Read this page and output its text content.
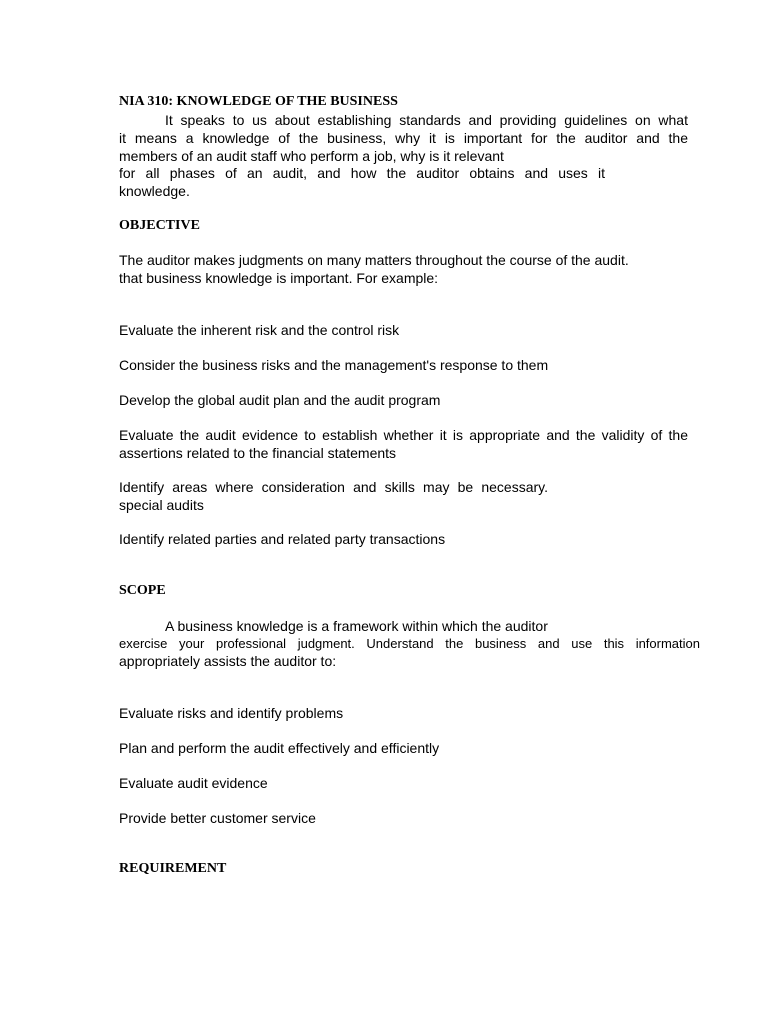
NIA 310: KNOWLEDGE OF THE BUSINESS
It speaks to us about establishing standards and providing guidelines on what
it means a knowledge of the business, why it is important for the auditor and the
members of an audit staff who perform a job, why is it relevant
for all phases of an audit, and how the auditor obtains and uses it
knowledge.
OBJECTIVE
The auditor makes judgments on many matters throughout the course of the audit.
that business knowledge is important. For example:
Evaluate the inherent risk and the control risk
Consider the business risks and the management's response to them
Develop the global audit plan and the audit program
Evaluate the audit evidence to establish whether it is appropriate and the validity of the
assertions related to the financial statements
Identify areas where consideration and skills may be necessary.
special audits
Identify related parties and related party transactions
SCOPE
A business knowledge is a framework within which the auditor
exercise your professional judgment. Understand the business and use this information
appropriately assists the auditor to:
Evaluate risks and identify problems
Plan and perform the audit effectively and efficiently
Evaluate audit evidence
Provide better customer service
REQUIREMENT
